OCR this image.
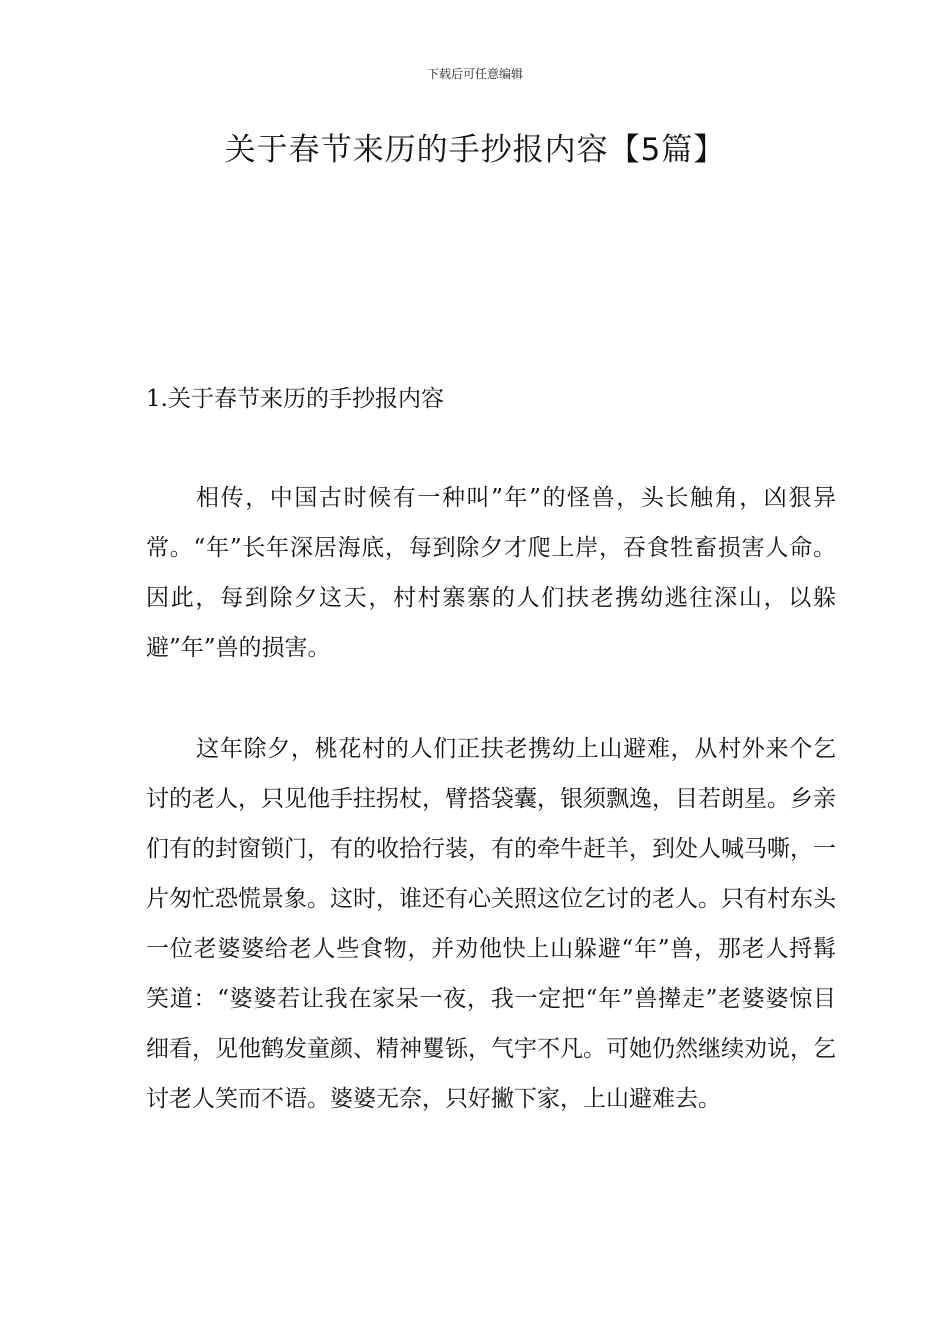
下载后可任意编辑
关于春节来历的手抄报内容【5篇】
1.关于春节来历的手抄报内容

相传，中国古时候有一种叫”年”的怪兽，头长触角，凶狠异常。“年”长年深居海底，每到除夕才爬上岸，吞食牲畜损害人命。因此，每到除夕这天，村村寨寨的人们扶老携幼逃往深山，以躲避”年”兽的损害。

这年除夕，桃花村的人们正扶老携幼上山避难，从村外来个乞讨的老人，只见他手拄拐杖，臂搭袋囊，银须飘逸，目若朗星。乡亲们有的封窗锁门，有的收拾行装，有的牵牛赶羊，到处人喊马嘶，一片匆忙恐慌景象。这时，谁还有心关照这位乞讨的老人。只有村东头一位老婆婆给老人些食物，并劝他快上山躲避“年”兽，那老人捋髯笑道：“婆婆若让我在家呆一夜，我一定把“年”兽撵走”老婆婆惊目细看，见他鹤发童颜、精神矍铄，气宇不凡。可她仍然继续劝说，乞讨老人笑而不语。婆婆无奈，只好撇下家，上山避难去。
